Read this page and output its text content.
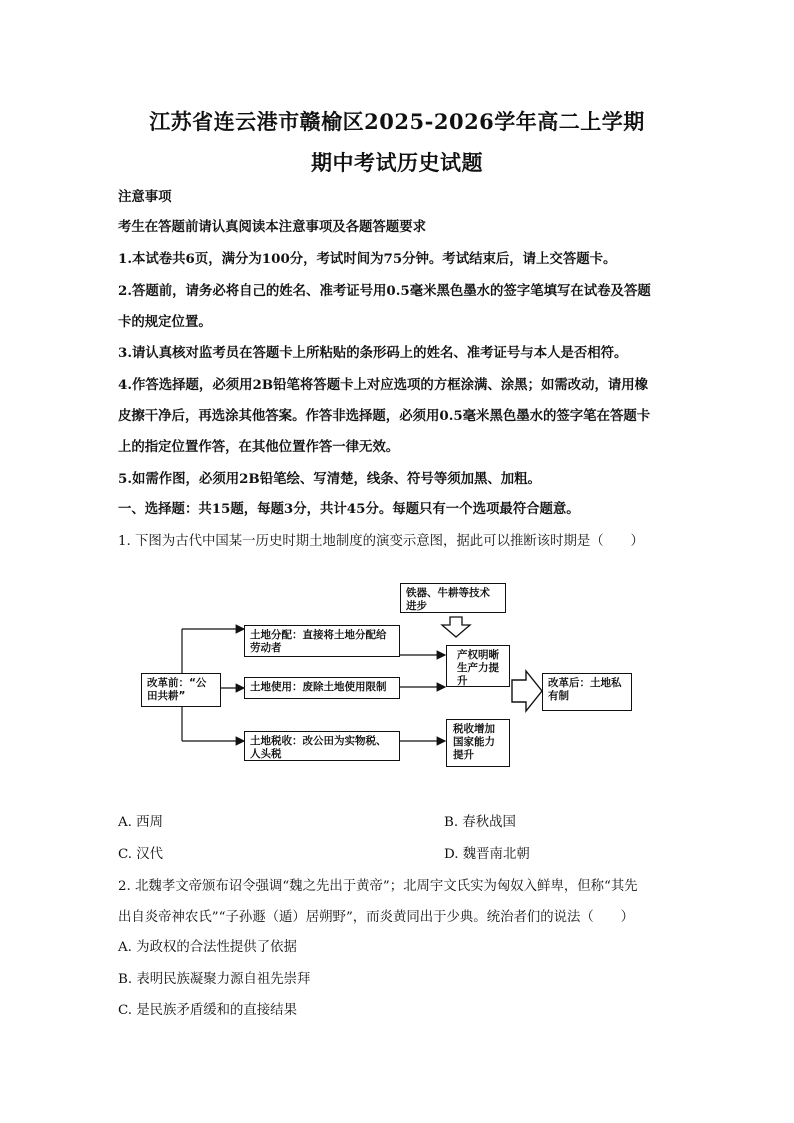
江苏省连云港市赣榆区2025-2026学年高二上学期
期中考试历史试题
注意事项
考生在答题前请认真阅读本注意事项及各题答题要求
1.本试卷共6页，满分为100分，考试时间为75分钟。考试结束后，请上交答题卡。
2.答题前，请务必将自己的姓名、准考证号用0.5毫米黑色墨水的签字笔填写在试卷及答题
卡的规定位置。
3.请认真核对监考员在答题卡上所粘贴的条形码上的姓名、准考证号与本人是否相符。
4.作答选择题，必须用2B铅笔将答题卡上对应选项的方框涂满、涂黑；如需改动，请用橡
皮擦干净后，再选涂其他答案。作答非选择题，必须用0.5毫米黑色墨水的签字笔在答题卡
上的指定位置作答，在其他位置作答一律无效。
5.如需作图，必须用2B铅笔绘、写清楚，线条、符号等须加黑、加粗。
一、选择题：共15题，每题3分，共计45分。每题只有一个选项最符合题意。
1. 下图为古代中国某一历史时期土地制度的演变示意图，据此可以推断该时期是（　　）
改革前：“公田共耕”
铁器、牛耕等技术进步
土地分配：直接将土地分配给劳动者
土地使用：废除土地使用限制
土地税收：改公田为实物税、人头税
产权明晰生产力提升
税收增加国家能力提升
改革后：土地私有制
A. 西周	B. 春秋战国
C. 汉代	D. 魏晋南北朝
2. 北魏孝文帝颁布诏令强调“魏之先出于黄帝”；北周宇文氏实为匈奴入鲜卑，但称“其先
出自炎帝神农氏”“子孙遯（遁）居朔野”，而炎黄同出于少典。统治者们的说法（　　）
A. 为政权的合法性提供了依据
B. 表明民族凝聚力源自祖先崇拜
C. 是民族矛盾缓和的直接结果
